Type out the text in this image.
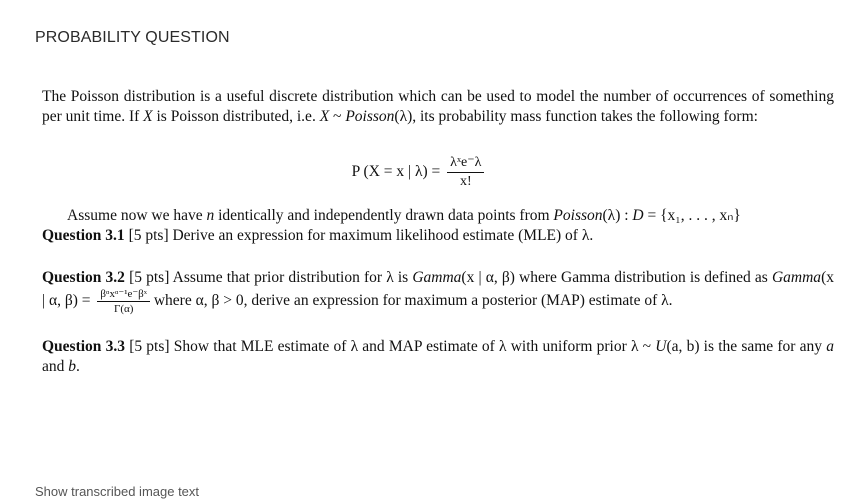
PROBABILITY QUESTION

The Poisson distribution is a useful discrete distribution which can be used to model the number of occurrences of something per unit time. If X is Poisson distributed, i.e. X ~ Poisson(λ), its probability mass function takes the following form:

P (X = x | $\lambda) = \frac{\text{λˣe⁻λ}}{x!}$

Assume now we have n identically and independently drawn data points from Poisson(λ) : D = {x₁, . . . , xₙ}

Question 3.1 [5 pts] Derive an expression for maximum likelihood estimate (MLE) of λ.

Question 3.2 [5 pts] Assume that prior distribution for λ is Gamma(x | α, β) where Gamma distribution is defined as Gamma(x | α, $\beta) = \frac{\text{βᵅxᵅ⁻¹e⁻βˣ}}{\Gamma(\alpha)}$ where α, β > 0, derive an expression for maximum a posterior (MAP) estimate of λ.

Question 3.3 [5 pts] Show that MLE estimate of λ and MAP estimate of λ with uniform prior λ ~ U(a, b) is the same for any a and b.

Show transcribed image text
